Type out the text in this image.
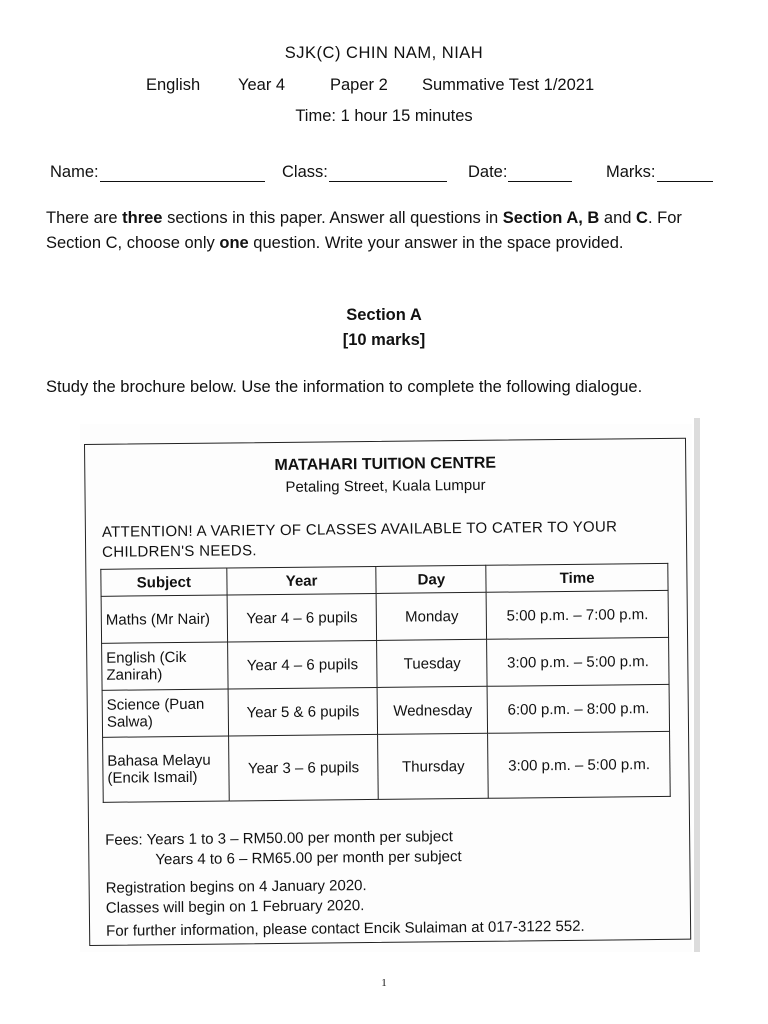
SJK(C) CHIN NAM, NIAH
English	Year 4	Paper 2	Summative Test 1/2021
Time: 1 hour 15 minutes
Name:	Class:	Date:	Marks:
There are three sections in this paper. Answer all questions in Section A, B and C. For Section C, choose only one question. Write your answer in the space provided.
Section A
[10 marks]
Study the brochure below. Use the information to complete the following dialogue.
MATAHARI TUITION CENTRE
Petaling Street, Kuala Lumpur
ATTENTION! A VARIETY OF CLASSES AVAILABLE TO CATER TO YOUR CHILDREN'S NEEDS.
Subject	Year	Day	Time
Maths (Mr Nair)	Year 4 – 6 pupils	Monday	5:00 p.m. – 7:00 p.m.
English (Cik Zanirah)	Year 4 – 6 pupils	Tuesday	3:00 p.m. – 5:00 p.m.
Science (Puan Salwa)	Year 5 & 6 pupils	Wednesday	6:00 p.m. – 8:00 p.m.
Bahasa Melayu (Encik Ismail)	Year 3 – 6 pupils	Thursday	3:00 p.m. – 5:00 p.m.
Fees: Years 1 to 3 – RM50.00 per month per subject
Years 4 to 6 – RM65.00 per month per subject
Registration begins on 4 January 2020.
Classes will begin on 1 February 2020.
For further information, please contact Encik Sulaiman at 017-3122 552.
1
